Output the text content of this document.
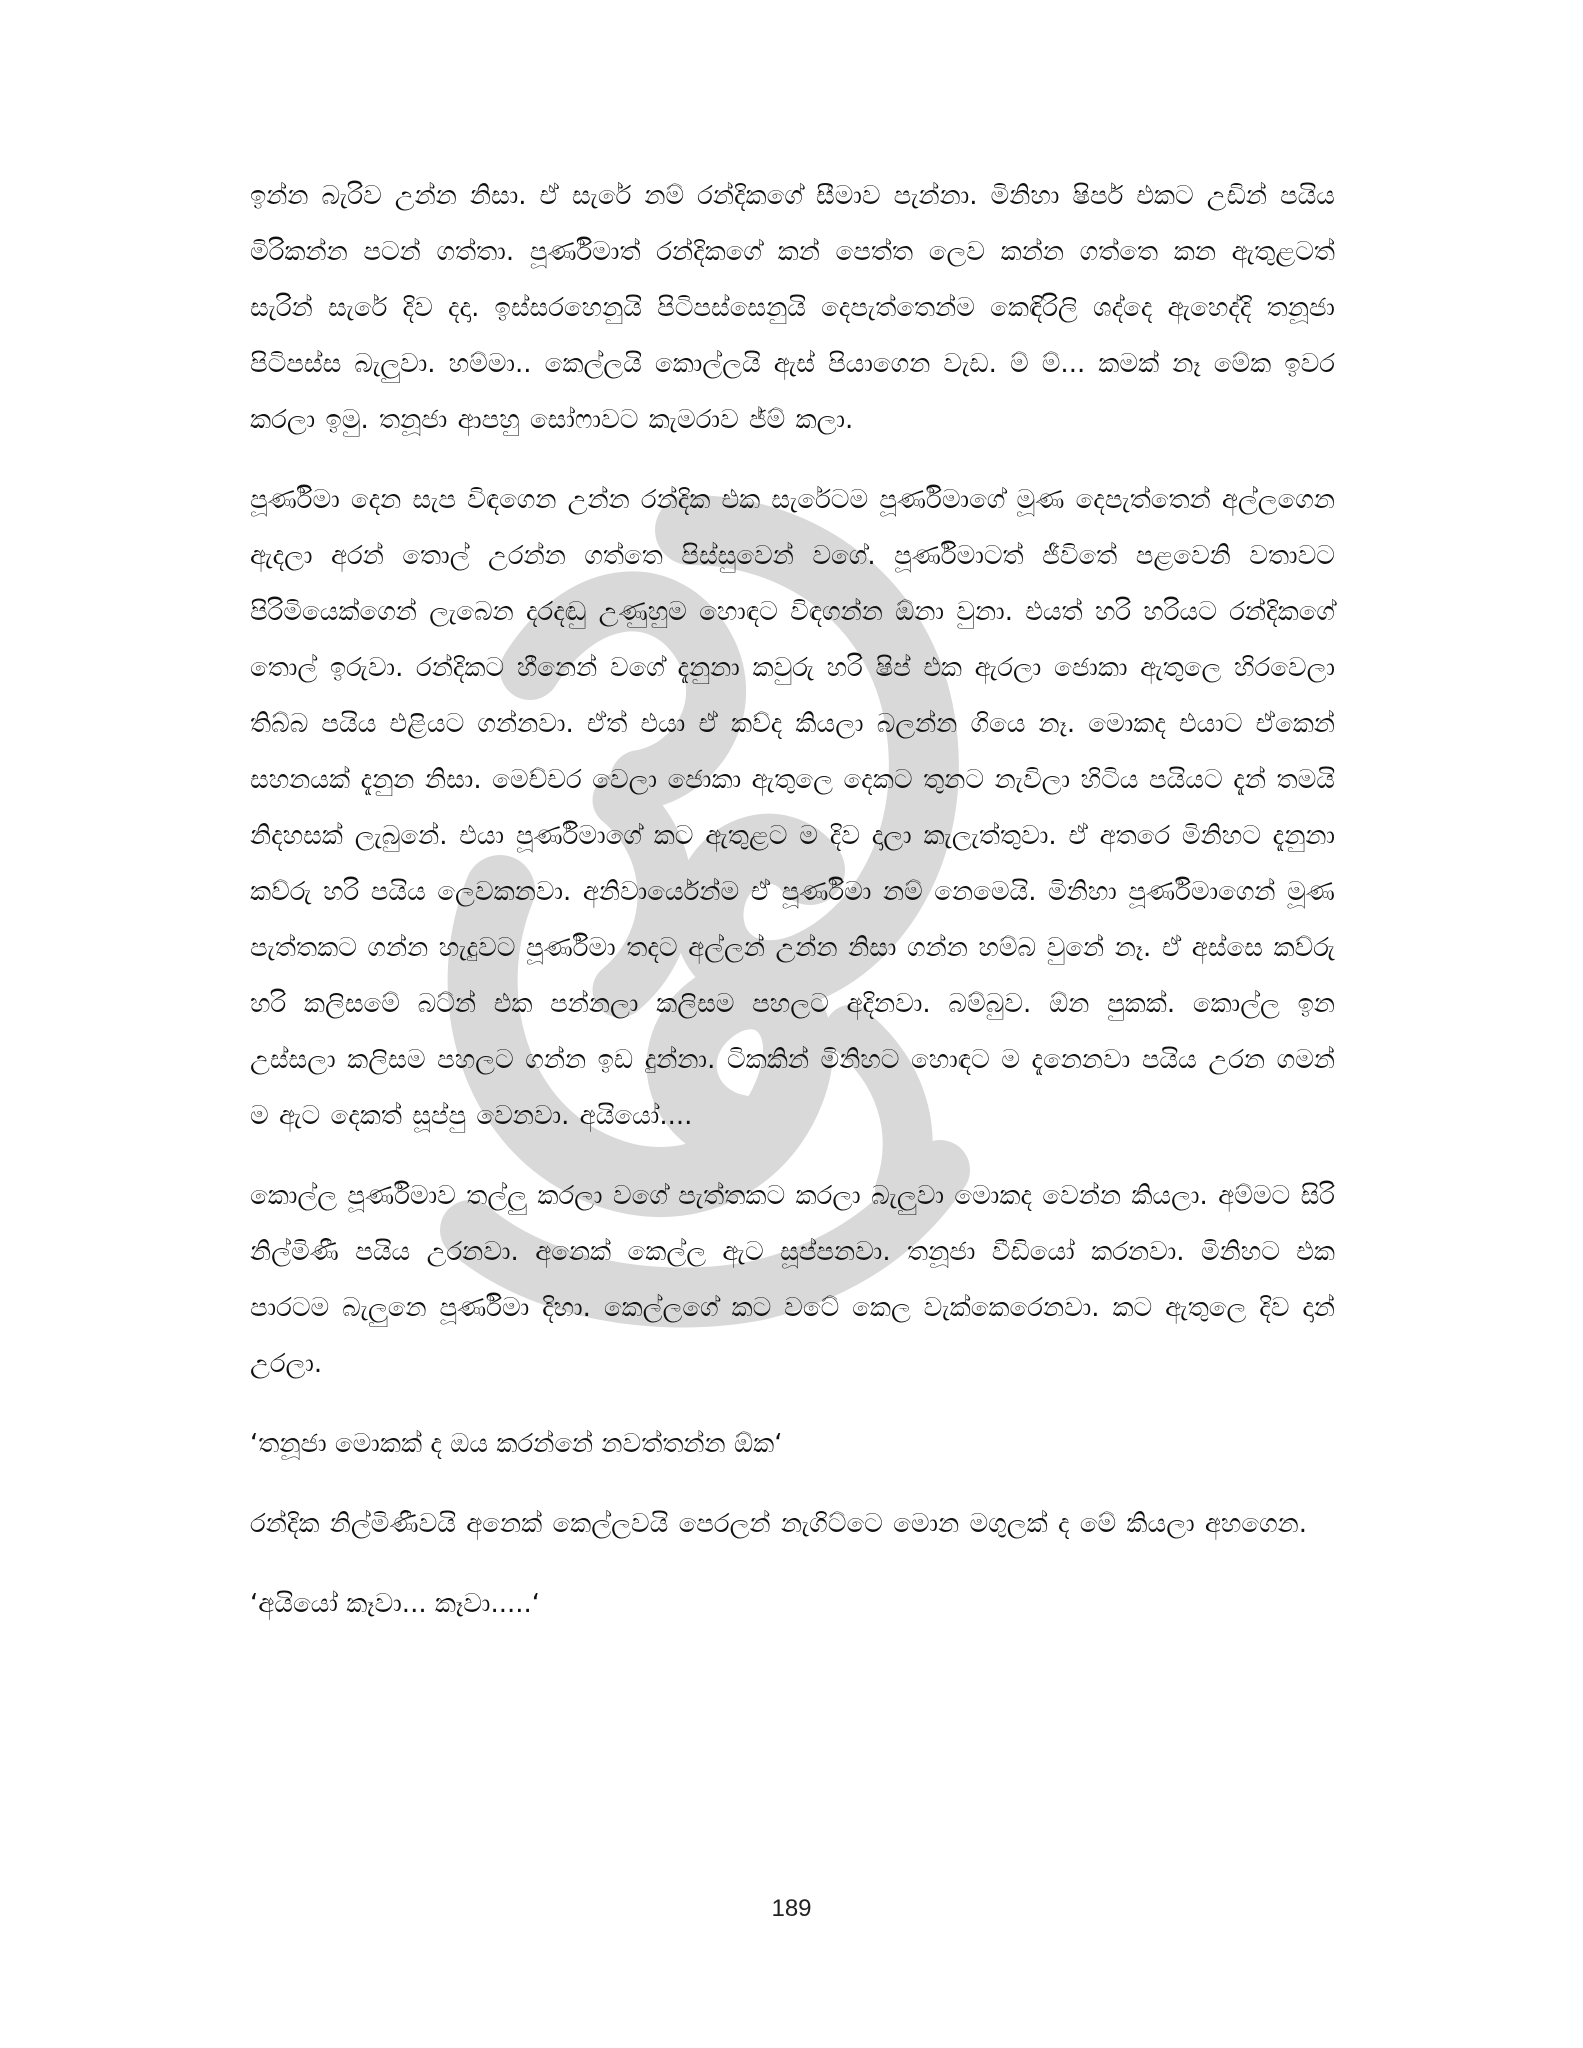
ඉන්න බැරිව උන්න නිසා. ඒ සැරේ නම් රන්දිකගේ සීමාව පැන්නා. මිනිහා ෂිපර් එකට උඩින් පයිය මිරිකන්න පටන් ගත්තා. පූර්ණිමාත් රන්දිකගේ කන් පෙත්ත ලෙව කන්න ගත්තෙ කන ඇතුළටත් සැරින් සැරේ දිව දදා. ඉස්සරහෙනුයි පිටිපස්සෙනුයි දෙපැත්තෙන්ම කෙඳිරිලි ශද්දෙ ඇහෙද්දි තනූජා පිටිපස්ස බැලුවා. හම්මා.. කෙල්ලයි කොල්ලයි ඇස් පියාගෙන වැඩ. ම් ම්... කමක් නෑ මේක ඉවර කරලා ඉමු. තනූජා ආපහු සෝෆාවට කැමරාව ජ්ම් කලා.

පූර්ණිමා දෙන සැප විඳගෙන උන්න රන්දික එක සැරේටම පූර්ණිමාගේ මූණ දෙපැත්තෙන් අල්ලගෙන ඇදලා අරන් තොල් උරන්න ගත්තෙ පිස්සුවෙන් වගේ. පූර්ණිමාටත් ජීවිතේ පළවෙනි වතාවට පිරිමියෙක්ගෙන් ලැබෙන දරදඬු උණුහුම හොඳට විඳගන්න ඕනා වුනා. එයත් හරි හරියට රන්දිකගේ තොල් ඉරුවා. රන්දිකට හීනෙන් වගේ දැනුනා කවුරු හරි ෂිප් එක ඇරලා ජොකා ඇතුලෙ හිරවෙලා තිබ්බ පයිය එළියට ගන්නවා. ඒත් එයා ඒ කව්ද කියලා බලන්න ගියෙ නෑ. මොකද එයාට ඒකෙන් සහනයක් දැනුන නිසා. මෙච්චර වෙලා ජොකා ඇතුලෙ දෙකට තුනට නැවිලා හිටිය පයියට දැන් තමයි නිදහසක් ලැබුනේ. එයා පූර්ණිමාගේ කට ඇතුළට ම දිව දාලා කැලැත්තුවා. ඒ අතරෙ මිනිහට දැනුනා කව්රු හරි පයිය ලෙවකනවා. අනිවාර්යෙන්ම ඒ පූර්ණිමා නම් නෙමෙයි. මිනිහා පූර්ණිමාගෙන් මූණ පැත්තකට ගන්න හැදුවට පූර්ණිමා තදට අල්ලන් උන්න නිසා ගන්න හම්බ වුනේ නෑ. ඒ අස්සෙ කව්රු හරි කලිසමේ බට්න් එක පන්නලා කලිසම පහලට අදිනවා. බම්බුව. ඕන පුකක්. කොල්ල ඉන උස්සලා කලිසම පහලට ගන්න ඉඩ දුන්නා. ටිකකින් මිනිහට හොඳට ම දැනෙනවා පයිය උරන ගමන් ම ඇට දෙකත් සූප්පු වෙනවා. අයියෝ....

කොල්ල පූර්ණිමාව තල්ලු කරලා වගේ පැත්තකට කරලා බැලුවා මොකද වෙන්න කියලා. අම්මට සිරි නිල්මිණී පයිය උරනවා. අනෙක් කෙල්ල ඇට සූප්පනවා. තනූජා වීඩියෝ කරනවා. මිනිහට එක පාරටම බැලුනෙ පූර්ණිමා දිහා. කෙල්ලගේ කට වටේ කෙල වැක්කෙරෙනවා. කට ඇතුලෙ දිව දාන් උරලා.

‘තනූජා මොකක් ද ඔය කරන්නේ නවත්තන්න ඕක‘

රන්දික නිල්මිණීවයි අනෙක් කෙල්ලවයි පෙරලන් නැගිට්ටෙ මොන මගුලක් ද මේ කියලා අහගෙන.

‘අයියෝ කෑවා... කෑවා.....‘

189
